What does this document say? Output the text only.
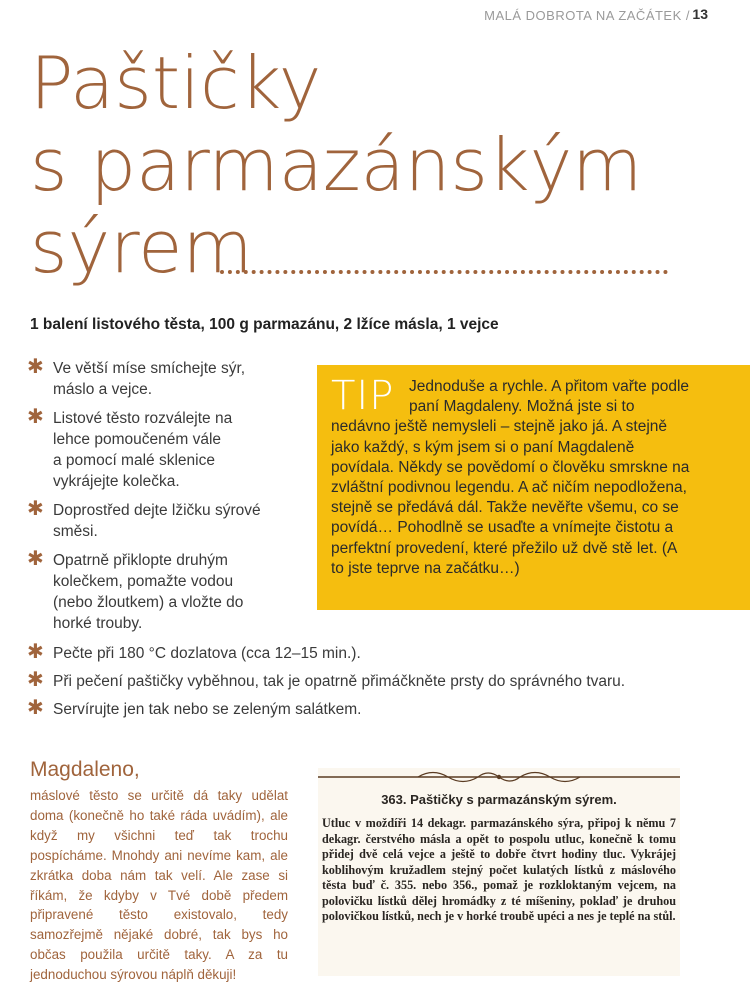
MALÁ DOBROTA NA ZAČÁTEK / 13
Paštičky
s parmazánským
sýrem
1 balení listového těsta, 100 g parmazánu, 2 lžíce másla, 1 vejce
TIP Jednoduše a rychle. A přitom vařte podle paní Magdaleny. Možná jste si to nedávno ještě nemysleli – stejně jako já. A stejně jako každý, s kým jsem si o paní Magdaleně povídala. Někdy se povědomí o člověku smrskne na zvláštní podivnou legendu. A ač ničím nepodložena, stejně se předává dál. Takže nevěřte všemu, co se povídá… Pohodlně se usaďte a vnímejte čistotu a perfektní provedení, které přežilo už dvě stě let. (A to jste teprve na začátku…)
✱ Ve větší míse smíchejte sýr,
máslo a vejce.
✱ Listové těsto rozválejte na
lehce pomoučeném vále
a pomocí malé sklenice
vykrájejte kolečka.
✱ Doprostřed dejte lžičku sýrové
směsi.
✱ Opatrně přiklopte druhým
kolečkem, pomažte vodou
(nebo žloutkem) a vložte do
horké trouby.
✱ Pečte při 180 °C dozlatova (cca 12–15 min.).
✱ Při pečení paštičky vyběhnou, tak je opatrně přimáčkněte prsty do správného tvaru.
✱ Servírujte jen tak nebo se zeleným salátkem.
Magdaleno,
máslové těsto se určitě dá taky udělat doma (konečně ho také ráda uvádím), ale když my všichni teď tak trochu pospícháme. Mnohdy ani nevíme kam, ale zkrátka doba nám tak velí. Ale zase si říkám, že kdyby v Tvé době předem připravené těsto existovalo, tedy samozřejmě nějaké dobré, tak bys ho občas použila určitě taky. A za tu jednoduchou sýrovou náplň děkuji!
363. Paštičky s parmazánským sýrem.
Utluc v moždíři 14 dekagr. parmazánského sýra, připoj k němu 7 dekagr. čerstvého másla a opět to pospolu utluc, konečně k tomu přidej dvě celá vejce a ještě to dobře čtvrt hodiny tluc. Vykrájej koblihovým kružadlem stejný počet kulatých lístků z máslového těsta buď č. 355. nebo 356., pomaž je rozkloktaným vejcem, na polovičku lístků dělej hromádky z té míšeniny, poklaď je druhou polovičkou lístků, nech je v horké troubě upéci a nes je teplé na stůl.
